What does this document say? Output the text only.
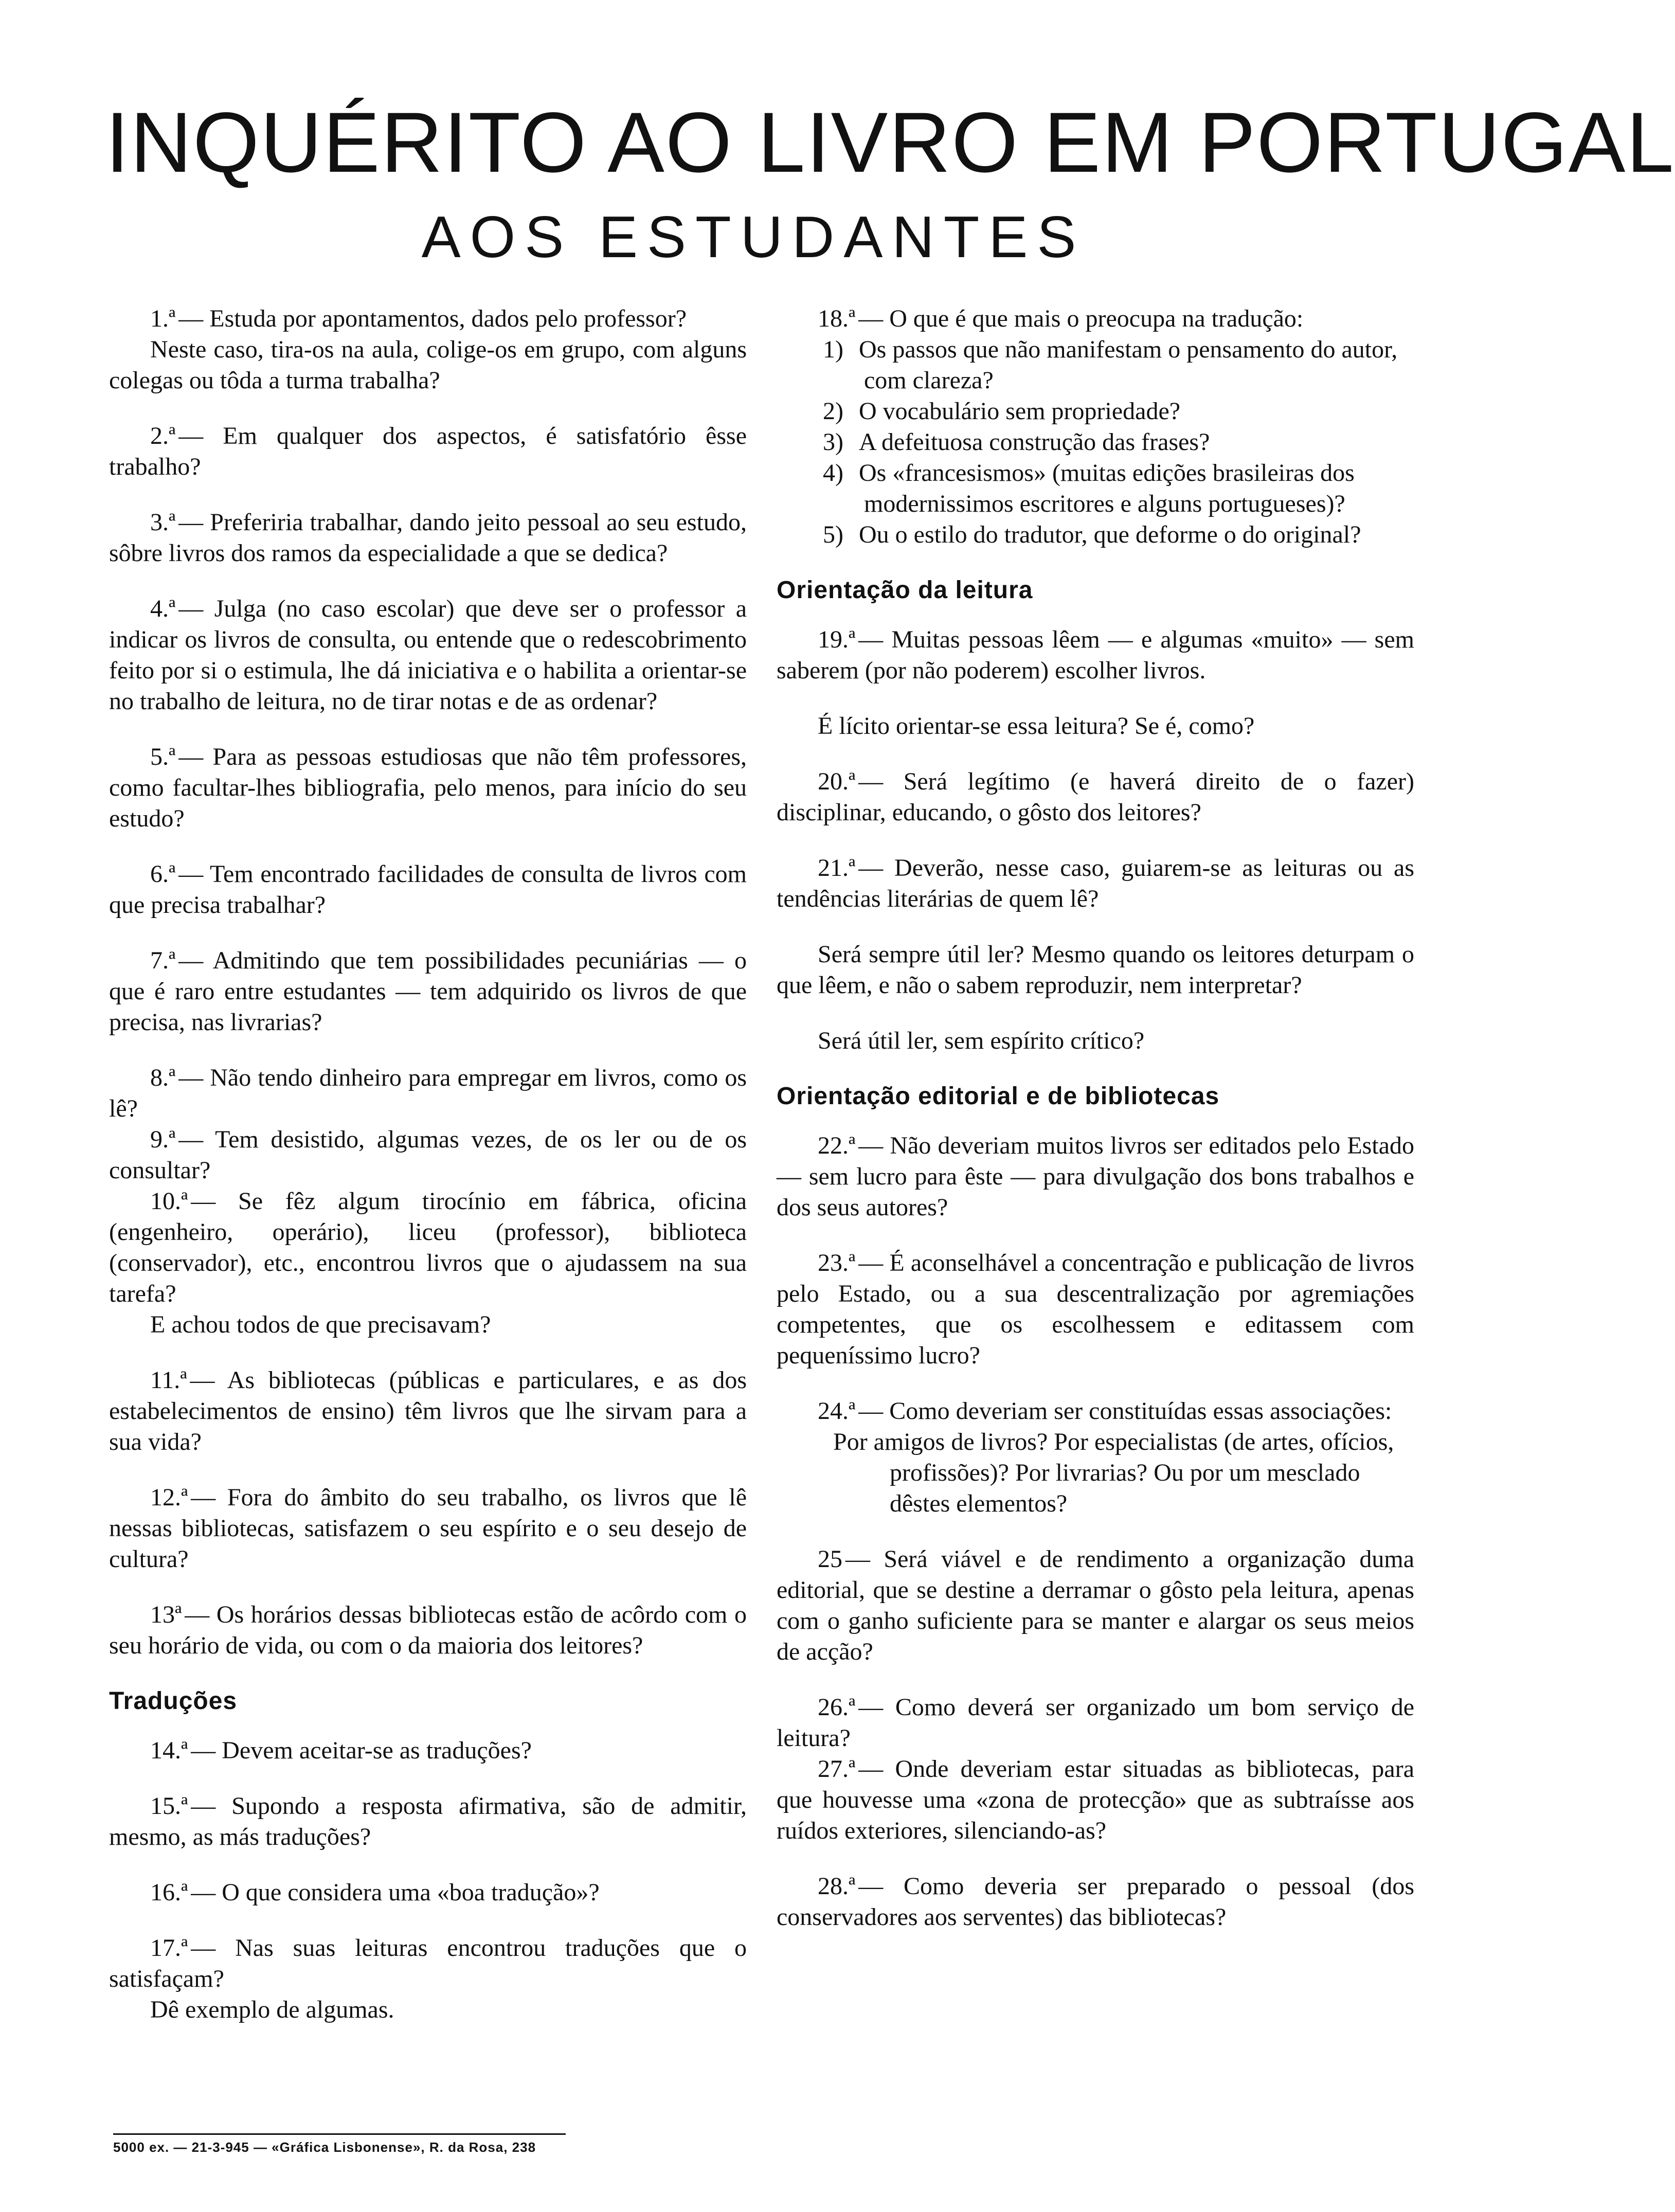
INQUÉRITO AO LIVRO EM PORTUGAL
AOS ESTUDANTES

1.ª — Estuda por apontamentos, dados pelo professor?

Neste caso, tira-os na aula, colige-os em grupo, com alguns colegas ou tôda a turma trabalha?

2.ª — Em qualquer dos aspectos, é satisfatório êsse trabalho?

3.ª — Preferiria trabalhar, dando jeito pessoal ao seu estudo, sôbre livros dos ramos da especialidade a que se dedica?

4.ª — Julga (no caso escolar) que deve ser o professor a indicar os livros de consulta, ou entende que o redescobrimento feito por si o estimula, lhe dá iniciativa e o habilita a orientar-se no trabalho de leitura, no de tirar notas e de as ordenar?

5.ª — Para as pessoas estudiosas que não têm professores, como facultar-lhes bibliografia, pelo menos, para início do seu estudo?

6.ª — Tem encontrado facilidades de consulta de livros com que precisa trabalhar?

7.ª — Admitindo que tem possibilidades pecuniárias — o que é raro entre estudantes — tem adquirido os livros de que precisa, nas livrarias?

8.ª — Não tendo dinheiro para empregar em livros, como os lê?

9.ª — Tem desistido, algumas vezes, de os ler ou de os consultar?

10.ª — Se fêz algum tirocínio em fábrica, oficina (engenheiro, operário), liceu (professor), biblioteca (conservador), etc., encontrou livros que o ajudassem na sua tarefa?

E achou todos de que precisavam?

11.ª — As bibliotecas (públicas e particulares, e as dos estabelecimentos de ensino) têm livros que lhe sirvam para a sua vida?

12.ª — Fora do âmbito do seu trabalho, os livros que lê nessas bibliotecas, satisfazem o seu espírito e o seu desejo de cultura?

13ª — Os horários dessas bibliotecas estão de acôrdo com o seu horário de vida, ou com o da maioria dos leitores?

Traduções

14.ª — Devem aceitar-se as traduções?

15.ª — Supondo a resposta afirmativa, são de admitir, mesmo, as más traduções?

16.ª — O que considera uma «boa tradução»?

17.ª — Nas suas leituras encontrou traduções que o satisfaçam?

Dê exemplo de algumas.

18.ª — O que é que mais o preocupa na tradução:

1) Os passos que não manifestam o pensamento do autor, com clareza?
2) O vocabulário sem propriedade?
3) A defeituosa construção das frases?
4) Os «francesismos» (muitas edições brasileiras dos modernissimos escritores e alguns portugueses)?
5) Ou o estilo do tradutor, que deforme o do original?
Orientação da leitura

19.ª — Muitas pessoas lêem — e algumas «muito» — sem saberem (por não poderem) escolher livros.

É lícito orientar-se essa leitura? Se é, como?

20.ª — Será legítimo (e haverá direito de o fazer) disciplinar, educando, o gôsto dos leitores?

21.ª — Deverão, nesse caso, guiarem-se as leituras ou as tendências literárias de quem lê?

Será sempre útil ler? Mesmo quando os leitores deturpam o que lêem, e não o sabem reproduzir, nem interpretar?

Será útil ler, sem espírito crítico?

Orientação editorial e de bibliotecas

22.ª — Não deveriam muitos livros ser editados pelo Estado — sem lucro para êste — para divulgação dos bons trabalhos e dos seus autores?

23.ª — É aconselhável a concentração e publicação de livros pelo Estado, ou a sua descentralização por agremiações competentes, que os escolhessem e editassem com pequeníssimo lucro?

24.ª — Como deveriam ser constituídas essas associações:

Por amigos de livros? Por especialistas (de artes, ofícios, profissões)? Por livrarias? Ou por um mesclado dêstes elementos?

25 — Será viável e de rendimento a organização duma editorial, que se destine a derramar o gôsto pela leitura, apenas com o ganho suficiente para se manter e alargar os seus meios de acção?

26.ª — Como deverá ser organizado um bom serviço de leitura?

27.ª — Onde deveriam estar situadas as bibliotecas, para que houvesse uma «zona de protecção» que as subtraísse aos ruídos exteriores, silenciando-as?

28.ª — Como deveria ser preparado o pessoal (dos conservadores aos serventes) das bibliotecas?

5000 ex. — 21-3-945 — «Gráfica Lisbonense», R. da Rosa, 238
